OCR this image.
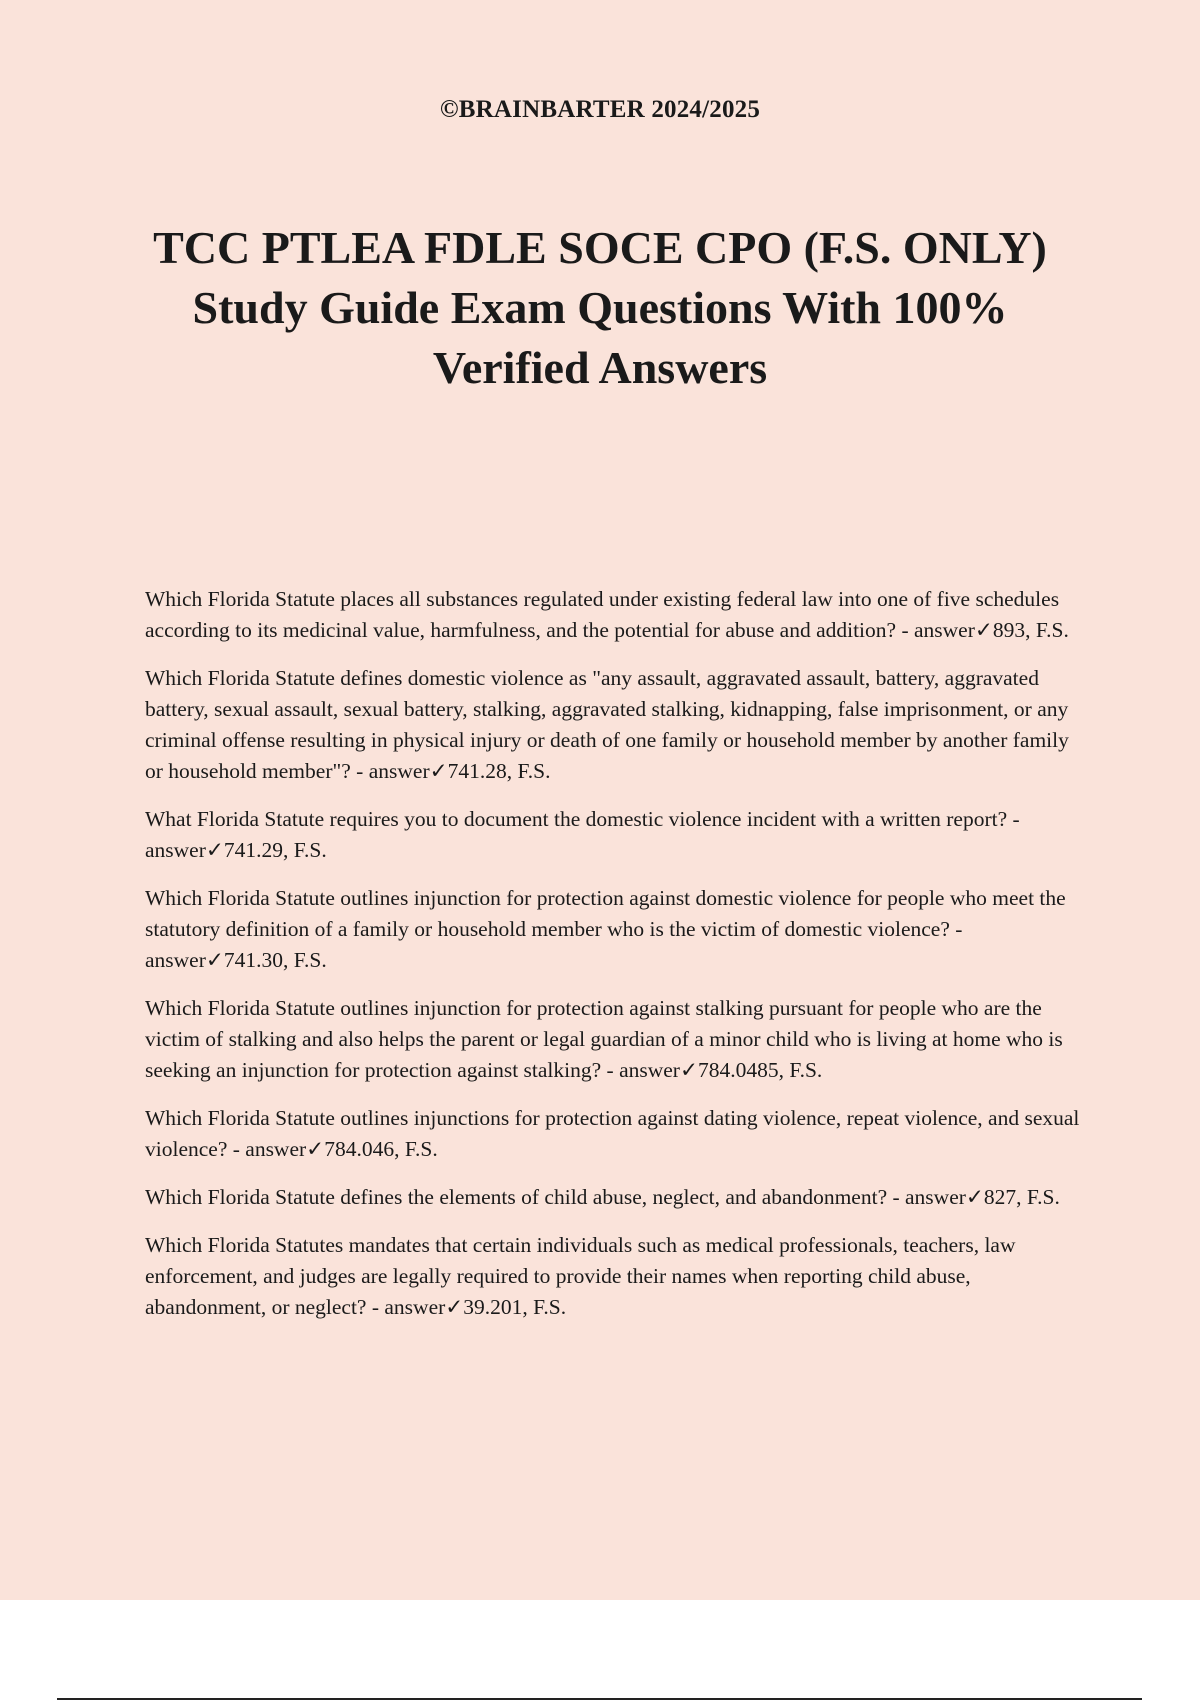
©BRAINBARTER 2024/2025
TCC PTLEA FDLE SOCE CPO (F.S. ONLY) Study Guide Exam Questions With 100% Verified Answers
Which Florida Statute places all substances regulated under existing federal law into one of five schedules according to its medicinal value, harmfulness, and the potential for abuse and addition? - answer✓893, F.S.
Which Florida Statute defines domestic violence as "any assault, aggravated assault, battery, aggravated battery, sexual assault, sexual battery, stalking, aggravated stalking, kidnapping, false imprisonment, or any criminal offense resulting in physical injury or death of one family or household member by another family or household member"? - answer✓741.28, F.S.
What Florida Statute requires you to document the domestic violence incident with a written report? - answer✓741.29, F.S.
Which Florida Statute outlines injunction for protection against domestic violence for people who meet the statutory definition of a family or household member who is the victim of domestic violence? - answer✓741.30, F.S.
Which Florida Statute outlines injunction for protection against stalking pursuant for people who are the victim of stalking and also helps the parent or legal guardian of a minor child who is living at home who is seeking an injunction for protection against stalking? - answer✓784.0485, F.S.
Which Florida Statute outlines injunctions for protection against dating violence, repeat violence, and sexual violence? - answer✓784.046, F.S.
Which Florida Statute defines the elements of child abuse, neglect, and abandonment? - answer✓827, F.S.
Which Florida Statutes mandates that certain individuals such as medical professionals, teachers, law enforcement, and judges are legally required to provide their names when reporting child abuse, abandonment, or neglect? - answer✓39.201, F.S.
